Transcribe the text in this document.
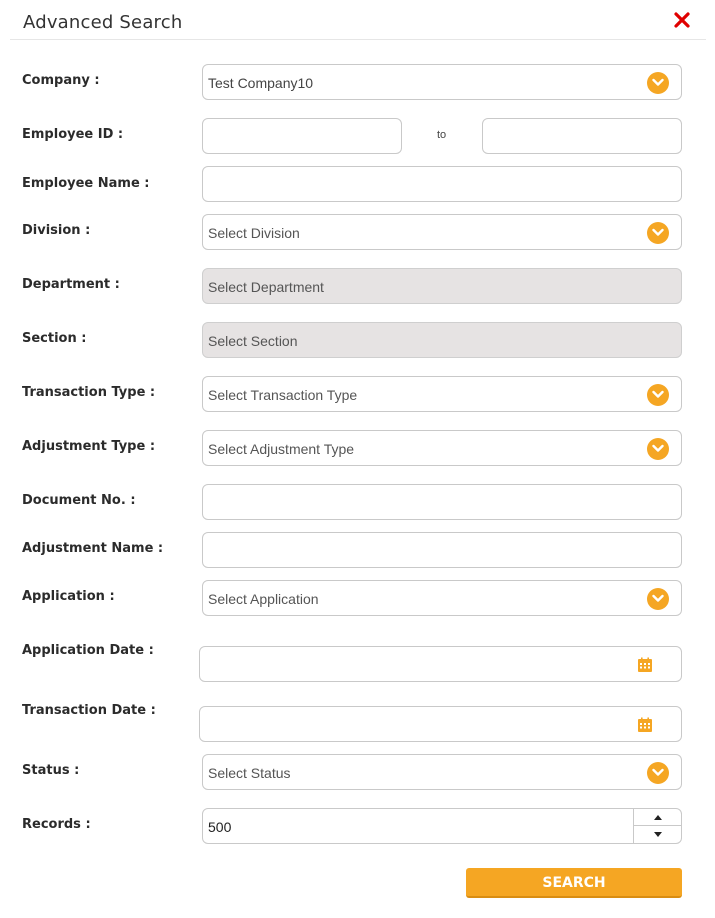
Advanced Search
Company :	Test Company10
Employee ID :	to
Employee Name :
Division :	Select Division
Department :	Select Department
Section :	Select Section
Transaction Type :	Select Transaction Type
Adjustment Type :	Select Adjustment Type
Document No. :
Adjustment Name :
Application :	Select Application
Application Date :
Transaction Date :
Status :	Select Status
Records :	500
SEARCH
